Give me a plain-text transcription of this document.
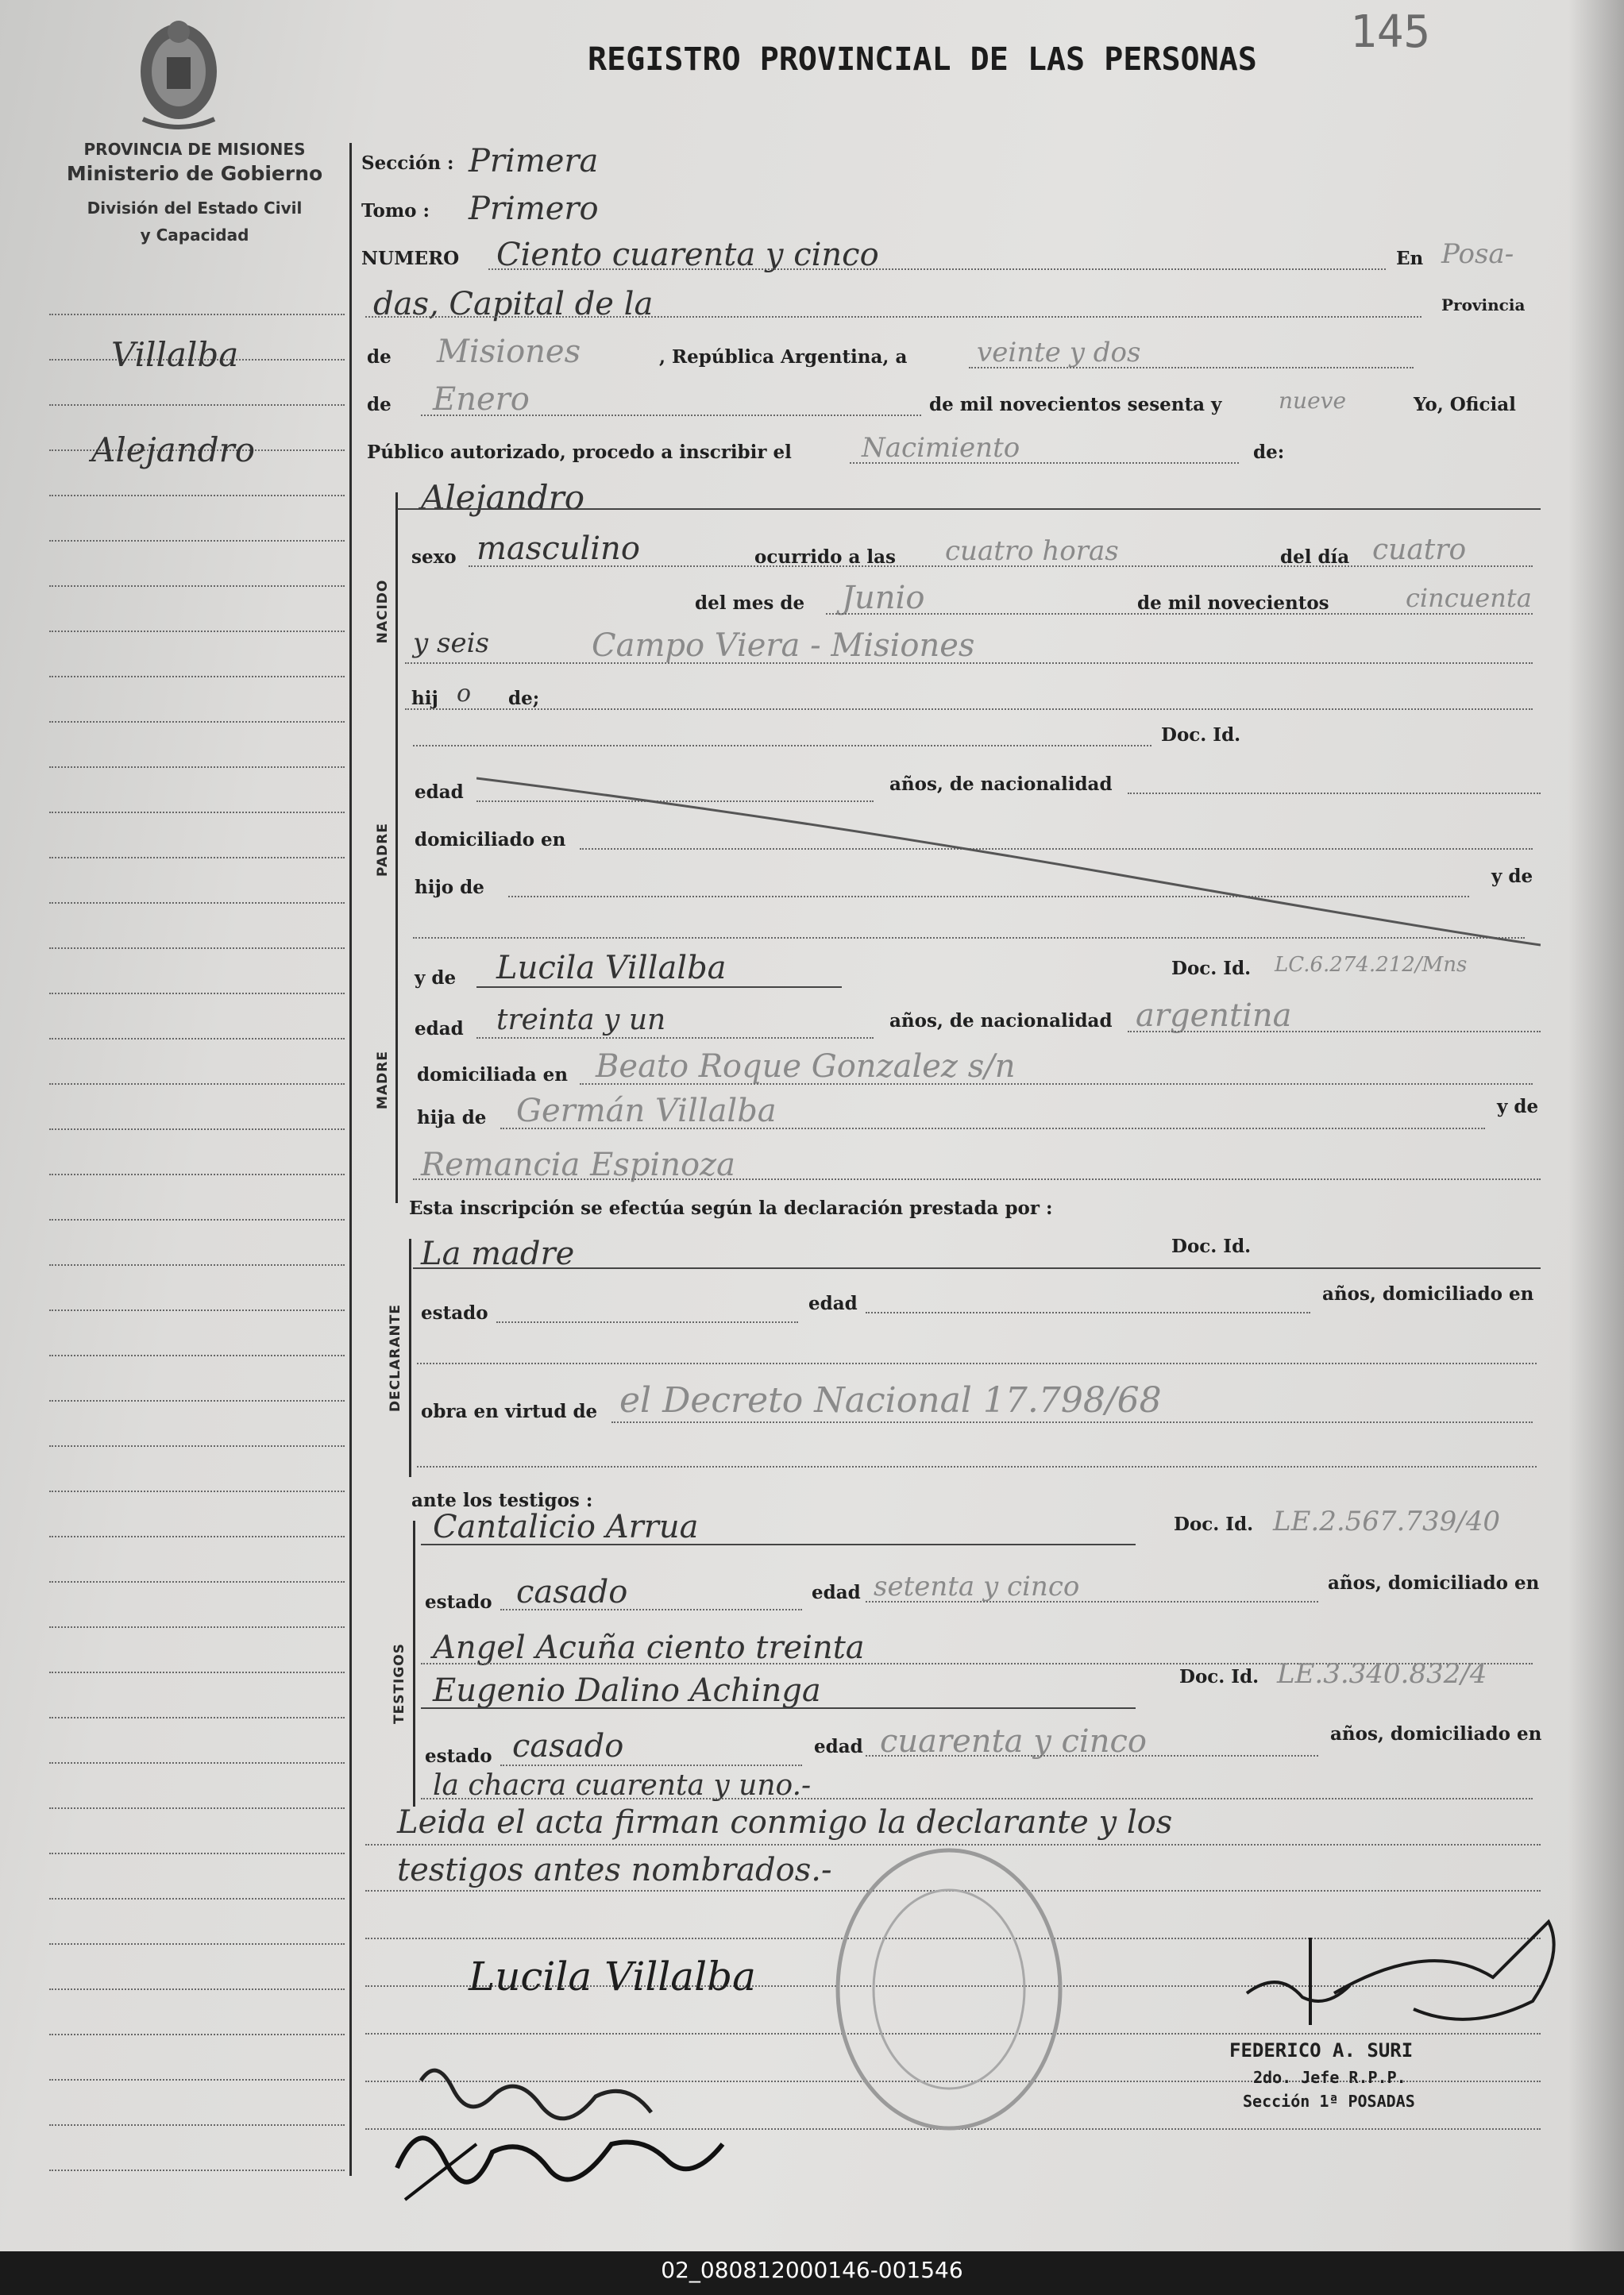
PROVINCIA DE MISIONES
Ministerio de Gobierno
División del Estado Civil
y Capacidad
REGISTRO PROVINCIAL DE LAS PERSONAS
145
Villalba
Alejandro
Sección : Primera
Tomo : Primero
NUMERO Ciento cuarenta y cinco	En Posa-
das, Capital de la	Provincia
de Misiones	, República Argentina, a	veinte y dos
de Enero	de mil novecientos sesenta y	nueve	Yo, Oficial
Público autorizado, procedo a inscribir el	Nacimiento	de:
NACIDO
Alejandro
sexo masculino	ocurrido a las cuatro horas	del día cuatro
del mes de Junio	de mil novecientos	cincuenta
y seis	Campo Viera - Misiones
hij o de;
PADRE
Doc. Id.
edad	años, de nacionalidad
domiciliado en
hijo de
y de
MADRE
y de Lucila Villalba	Doc. Id. LC.6.274.212/Mns
edad treinta y un	años, de nacionalidad argentina
domiciliada en Beato Roque Gonzalez s/n
hija de Germán Villalba	y de
Remancia Espinoza
Esta inscripción se efectúa según la declaración prestada por :
DECLARANTE
La madre	Doc. Id.
estado	edad	años, domiciliado en
obra en virtud de el Decreto Nacional 17.798/68
ante los testigos :
TESTIGOS
Cantalicio Arrua	Doc. Id. LE.2.567.739/40
estado casado	edad setenta y cinco	años, domiciliado en
Angel Acuña ciento treinta
Eugenio Dalino Achinga	Doc. Id. LE.3.340.832/4
estado casado	edad cuarenta y cinco	años, domiciliado en
la chacra cuarenta y uno.-
Leida el acta firman conmigo la declarante y los
testigos antes nombrados.-
Lucila Villalba
FEDERICO A. SURI
2do. Jefe R.P.P.
Sección 1ª POSADAS
02_080812000146-001546
